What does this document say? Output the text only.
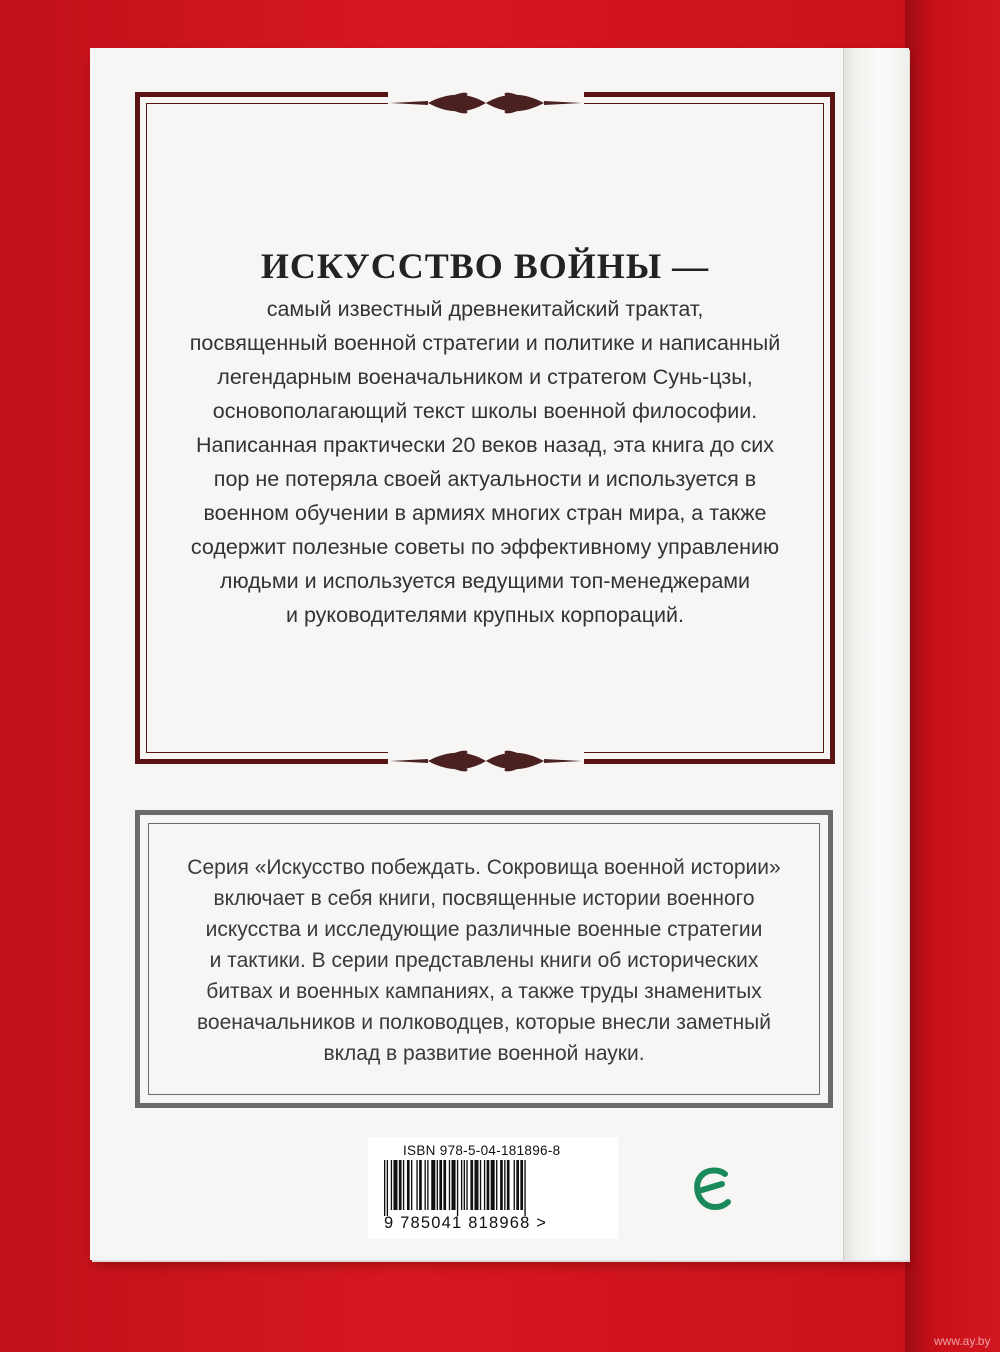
ИСКУССТВО ВОЙНЫ —
самый известный древнекитайский трактат,
посвященный военной стратегии и политике и написанный
легендарным военачальником и стратегом Сунь-цзы,
основополагающий текст школы военной философии.
Написанная практически 20 веков назад, эта книга до сих
пор не потеряла своей актуальности и используется в
военном обучении в армиях многих стран мира, а также
содержит полезные советы по эффективному управлению
людьми и используется ведущими топ-менеджерами
и руководителями крупных корпораций.
Серия «Искусство побеждать. Сокровища военной истории»
включает в себя книги, посвященные истории военного
искусства и исследующие различные военные стратегии
и тактики. В серии представлены книги об исторических
битвах и военных кампаниях, а также труды знаменитых
военачальников и полководцев, которые внесли заметный
вклад в развитие военной науки.
ISBN 978-5-04-181896-8
9 785041 818968 >
www.ay.by
